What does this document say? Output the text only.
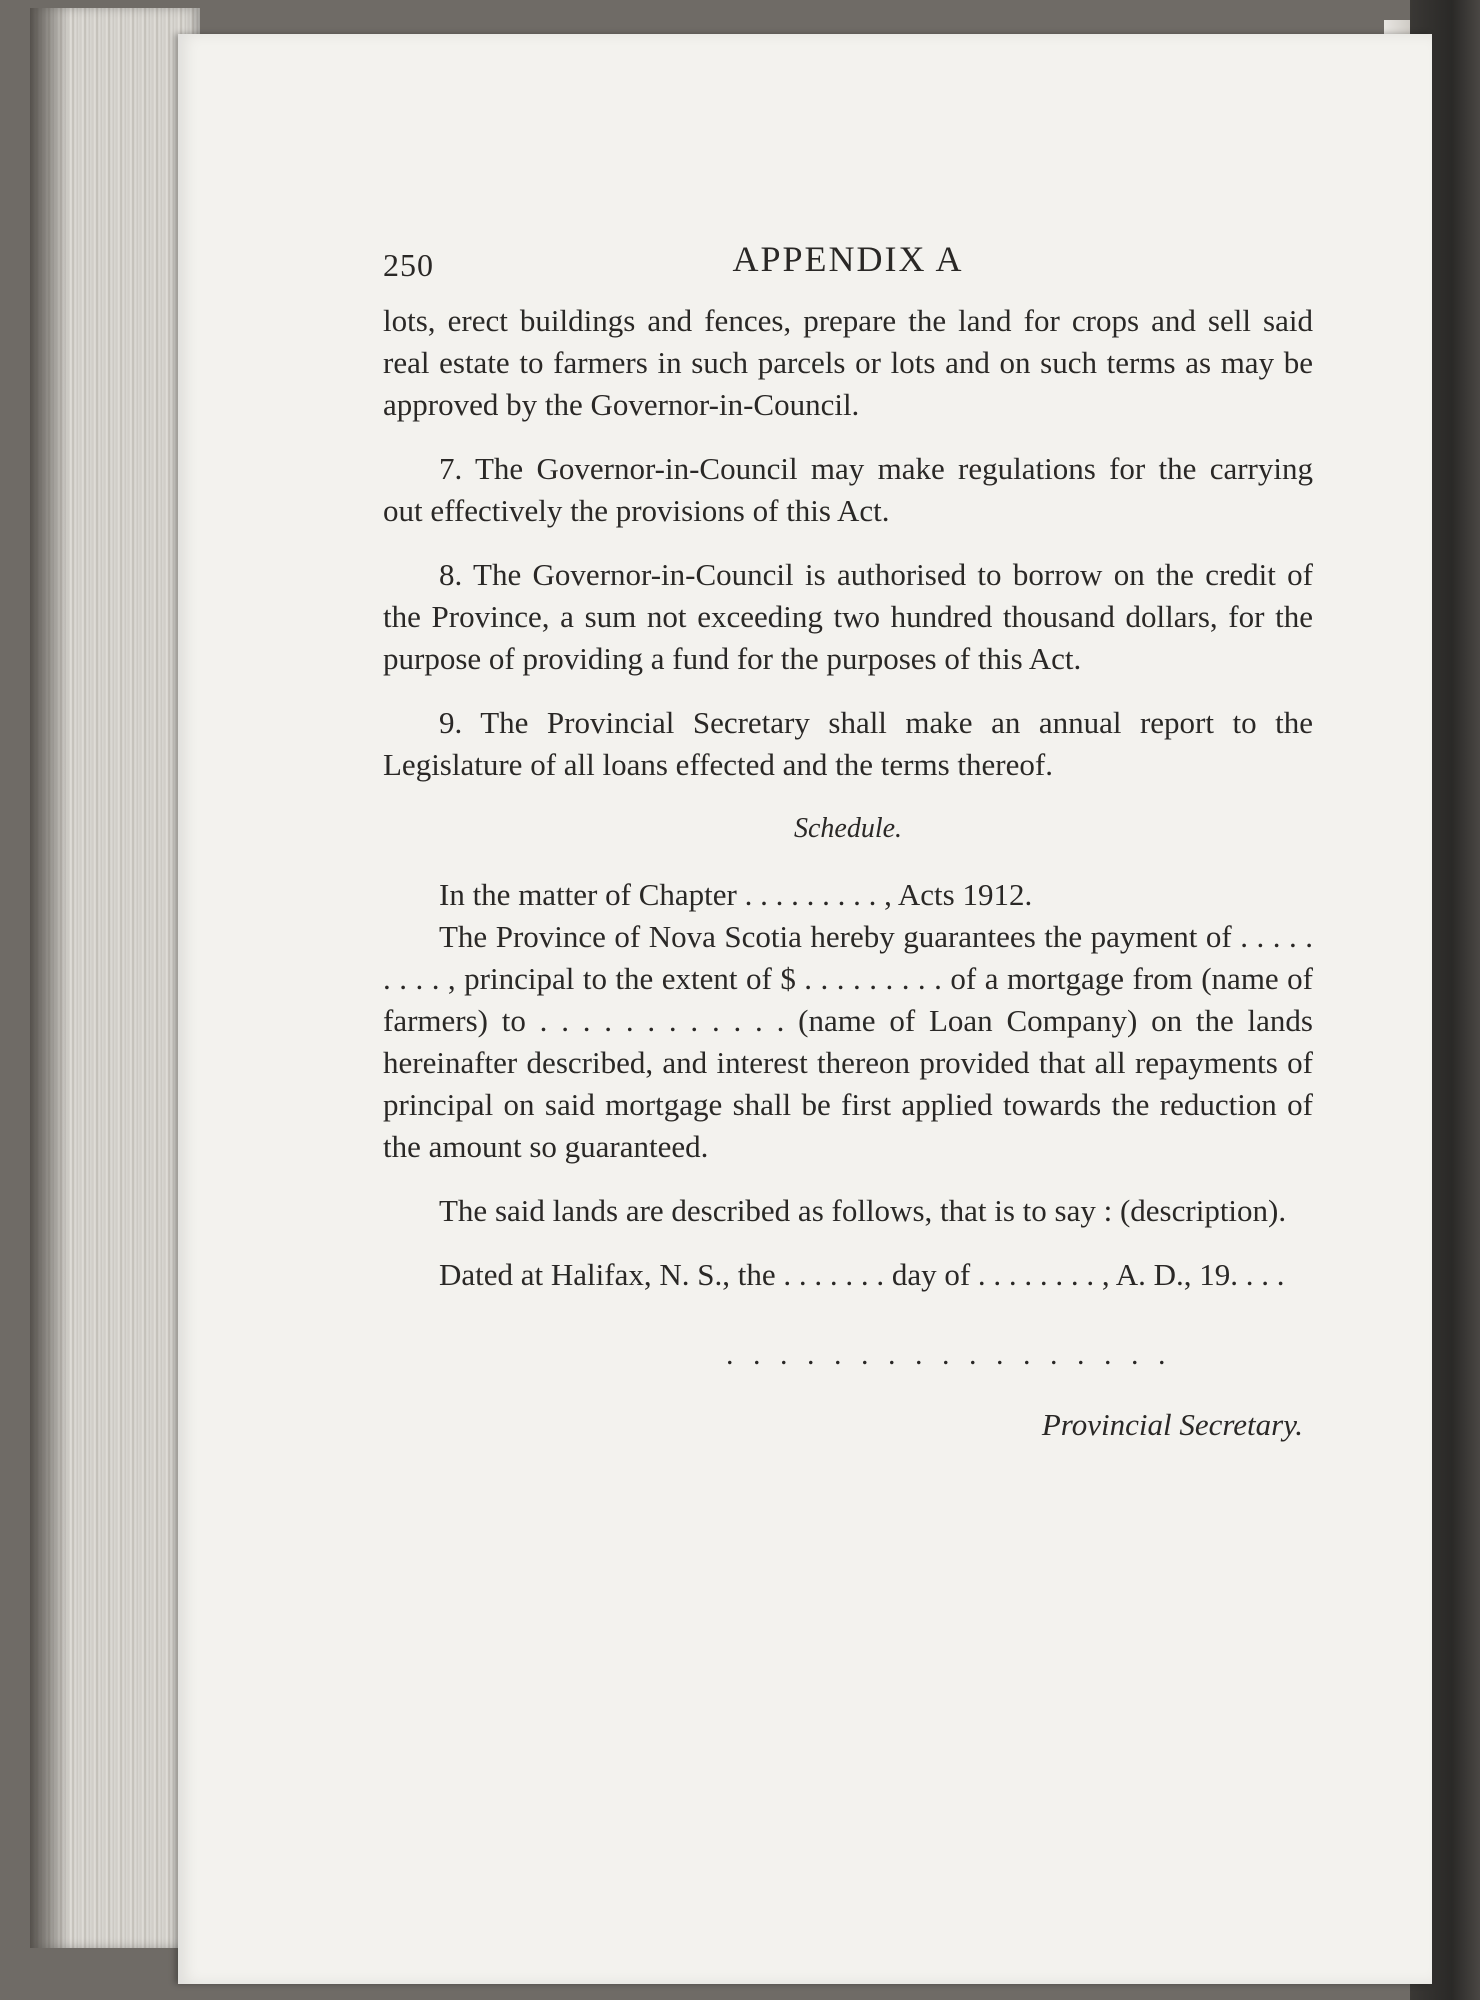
250	APPENDIX A

lots, erect buildings and fences, prepare the land for crops and sell said real estate to farmers in such parcels or lots and on such terms as may be approved by the Governor-in-Council.

7. The Governor-in-Council may make regulations for the carrying out effectively the provisions of this Act.

8. The Governor-in-Council is authorised to borrow on the credit of the Province, a sum not exceeding two hundred thousand dollars, for the purpose of providing a fund for the purposes of this Act.

9. The Provincial Secretary shall make an annual report to the Legislature of all loans effected and the terms thereof.

Schedule.

In the matter of Chapter . . . . . . . . . , Acts 1912.

The Province of Nova Scotia hereby guarantees the payment of . . . . . . . . . , principal to the extent of $ . . . . . . . . . of a mortgage from (name of farmers) to . . . . . . . . . . . . (name of Loan Company) on the lands hereinafter described, and interest thereon provided that all repayments of principal on said mortgage shall be first applied towards the reduction of the amount so guaranteed.

The said lands are described as follows, that is to say : (description).

Dated at Halifax, N. S., the . . . . . . . day of . . . . . . . . , A. D., 19. . . .

. . . . . . . . . . . . . . . . .
Provincial Secretary.
